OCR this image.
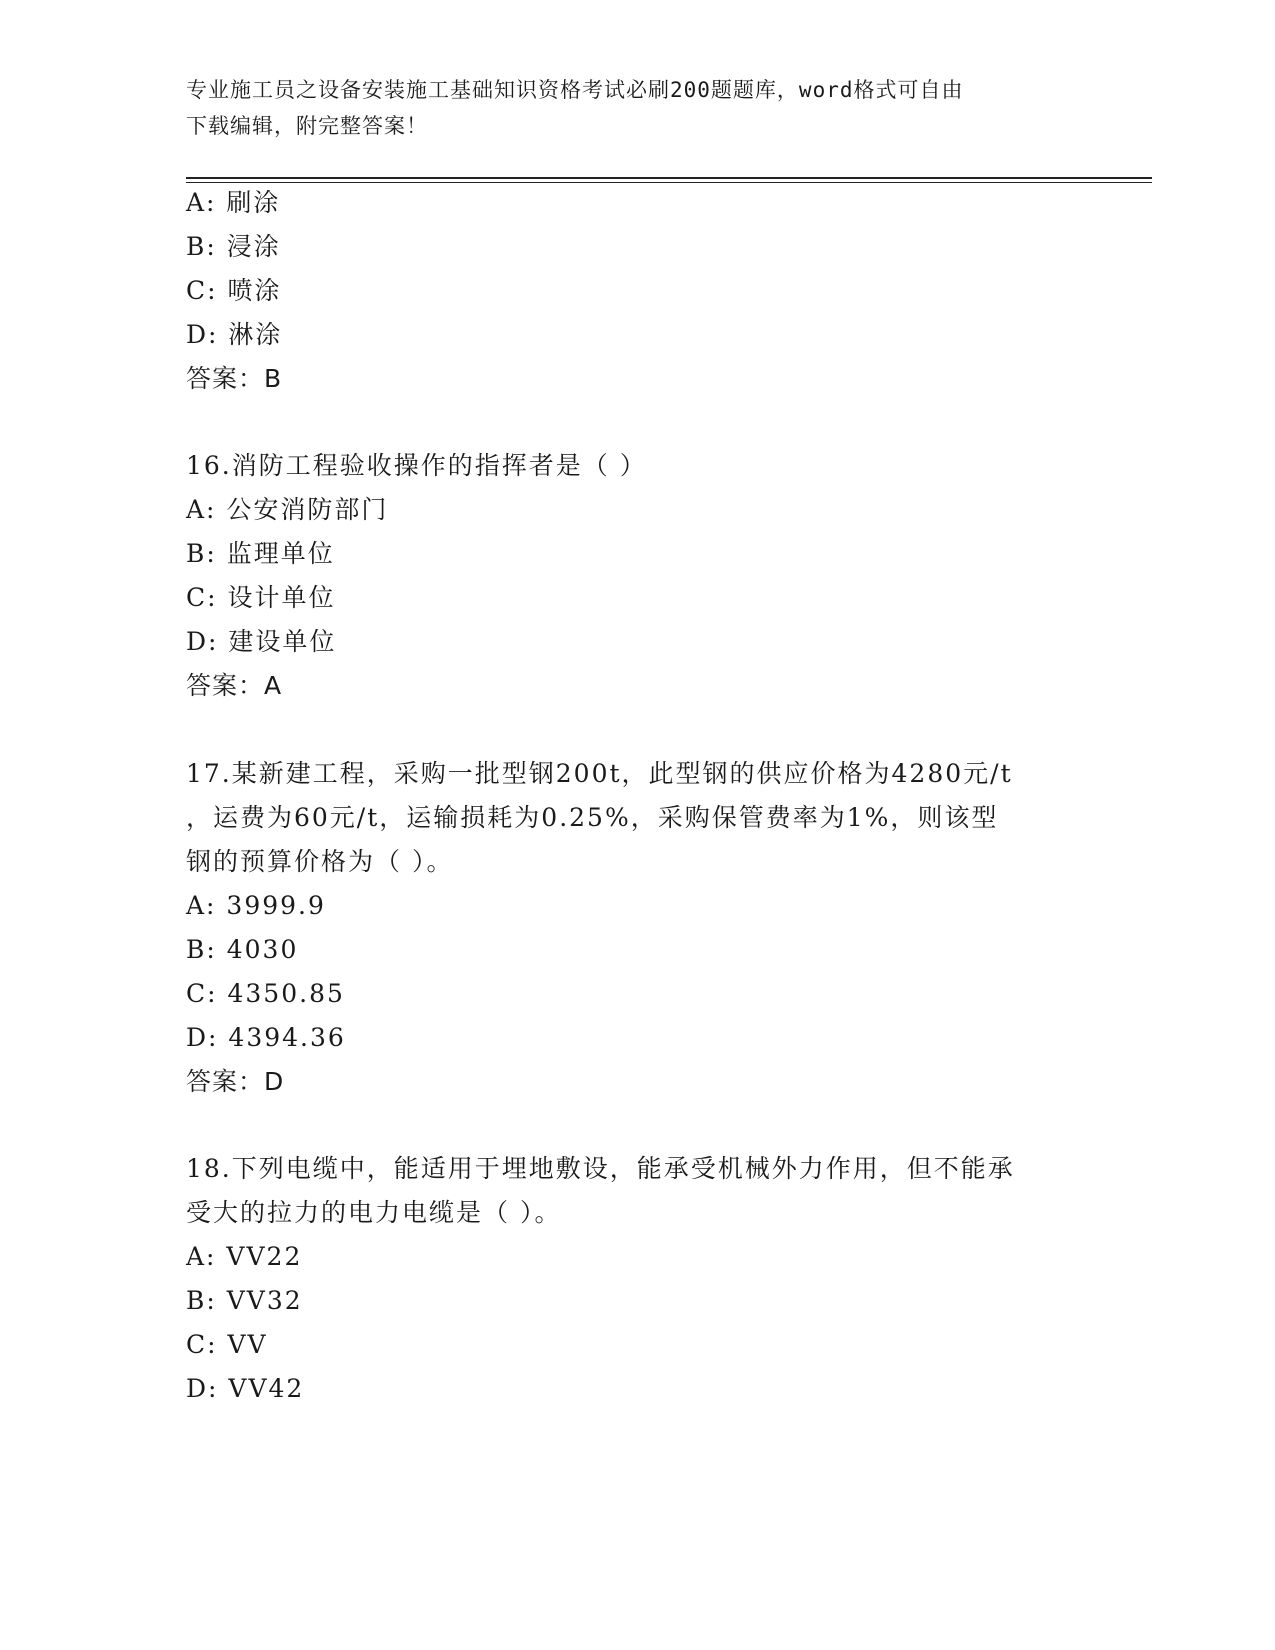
专业施工员之设备安装施工基础知识资格考试必刷200题题库，word格式可自由
下载编辑，附完整答案！
A: 刷涂
B: 浸涂
C: 喷涂
D: 淋涂
答案：B
16.消防工程验收操作的指挥者是（ ）
A: 公安消防部门
B: 监理单位
C: 设计单位
D: 建设单位
答案：A
17.某新建工程，采购一批型钢200t，此型钢的供应价格为4280元/t
，运费为60元/t，运输损耗为0.25%，采购保管费率为1%，则该型
钢的预算价格为（ ）。
A: 3999.9
B: 4030
C: 4350.85
D: 4394.36
答案：D
18.下列电缆中，能适用于埋地敷设，能承受机械外力作用，但不能承
受大的拉力的电力电缆是（ ）。
A: VV22
B: VV32
C: VV
D: VV42
